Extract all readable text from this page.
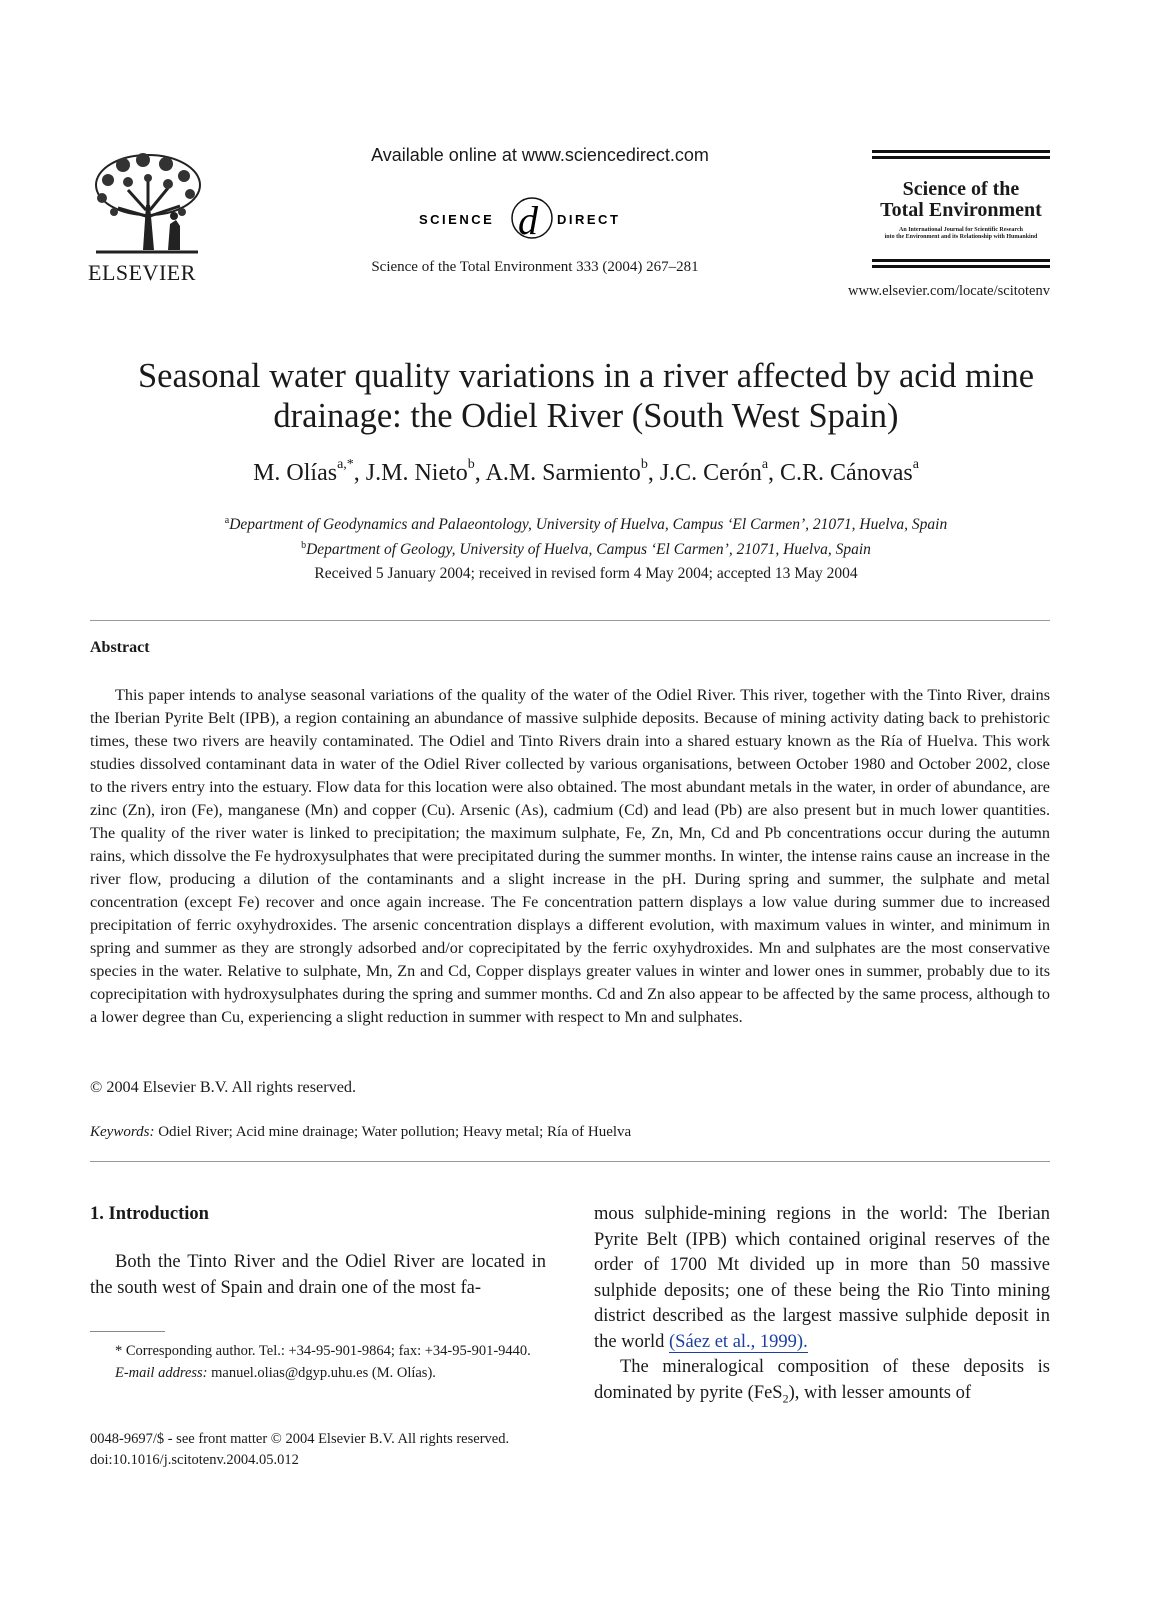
ELSEVIER
Available online at www.sciencedirect.com
SCIENCE d DIRECT
Science of the Total Environment 333 (2004) 267–281
Science of the
Total Environment
An International Journal for Scientific Research
into the Environment and its Relationship with Humankind
www.elsevier.com/locate/scitotenv
Seasonal water quality variations in a river affected by acid mine
drainage: the Odiel River (South West Spain)
M. Olías$^{a,*}$, J.M. Nieto$^b$, A.M. Sarmiento$^b$, J.C. Cerón$^a$, C.R. Cánovas$^a$
$^a$Department of Geodynamics and Palaeontology, University of Huelva, Campus ‘El Carmen’, 21071, Huelva, Spain
$^b$Department of Geology, University of Huelva, Campus ‘El Carmen’, 21071, Huelva, Spain
Received 5 January 2004; received in revised form 4 May 2004; accepted 13 May 2004
Abstract

This paper intends to analyse seasonal variations of the quality of the water of the Odiel River. This river, together with the Tinto River, drains the Iberian Pyrite Belt (IPB), a region containing an abundance of massive sulphide deposits. Because of mining activity dating back to prehistoric times, these two rivers are heavily contaminated. The Odiel and Tinto Rivers drain into a shared estuary known as the Ría of Huelva. This work studies dissolved contaminant data in water of the Odiel River collected by various organisations, between October 1980 and October 2002, close to the rivers entry into the estuary. Flow data for this location were also obtained. The most abundant metals in the water, in order of abundance, are zinc (Zn), iron (Fe), manganese (Mn) and copper (Cu). Arsenic (As), cadmium (Cd) and lead (Pb) are also present but in much lower quantities. The quality of the river water is linked to precipitation; the maximum sulphate, Fe, Zn, Mn, Cd and Pb concentrations occur during the autumn rains, which dissolve the Fe hydroxysulphates that were precipitated during the summer months. In winter, the intense rains cause an increase in the river flow, producing a dilution of the contaminants and a slight increase in the pH. During spring and summer, the sulphate and metal concentration (except Fe) recover and once again increase. The Fe concentration pattern displays a low value during summer due to increased precipitation of ferric oxyhydroxides. The arsenic concentration displays a different evolution, with maximum values in winter, and minimum in spring and summer as they are strongly adsorbed and/or coprecipitated by the ferric oxyhydroxides. Mn and sulphates are the most conservative species in the water. Relative to sulphate, Mn, Zn and Cd, Copper displays greater values in winter and lower ones in summer, probably due to its coprecipitation with hydroxysulphates during the spring and summer months. Cd and Zn also appear to be affected by the same process, although to a lower degree than Cu, experiencing a slight reduction in summer with respect to Mn and sulphates.

© 2004 Elsevier B.V. All rights reserved.
Keywords: Odiel River; Acid mine drainage; Water pollution; Heavy metal; Ría of Huelva
1. Introduction
Both the Tinto River and the Odiel River are located in the south west of Spain and drain one of the most fa-

mous sulphide-mining regions in the world: The Iberian Pyrite Belt (IPB) which contained original reserves of the order of 1700 Mt divided up in more than 50 massive sulphide deposits; one of these being the Rio Tinto mining district described as the largest massive sulphide deposit in the world (Sáez et al., 1999).

The mineralogical composition of these deposits is dominated by pyrite (FeS$_2$), with lesser amounts of

* Corresponding author. Tel.: +34-95-901-9864; fax: +34-95-901-9440.

E-mail address: manuel.olias@dgyp.uhu.es (M. Olías).

0048-9697/$ - see front matter © 2004 Elsevier B.V. All rights reserved.
doi:10.1016/j.scitotenv.2004.05.012
